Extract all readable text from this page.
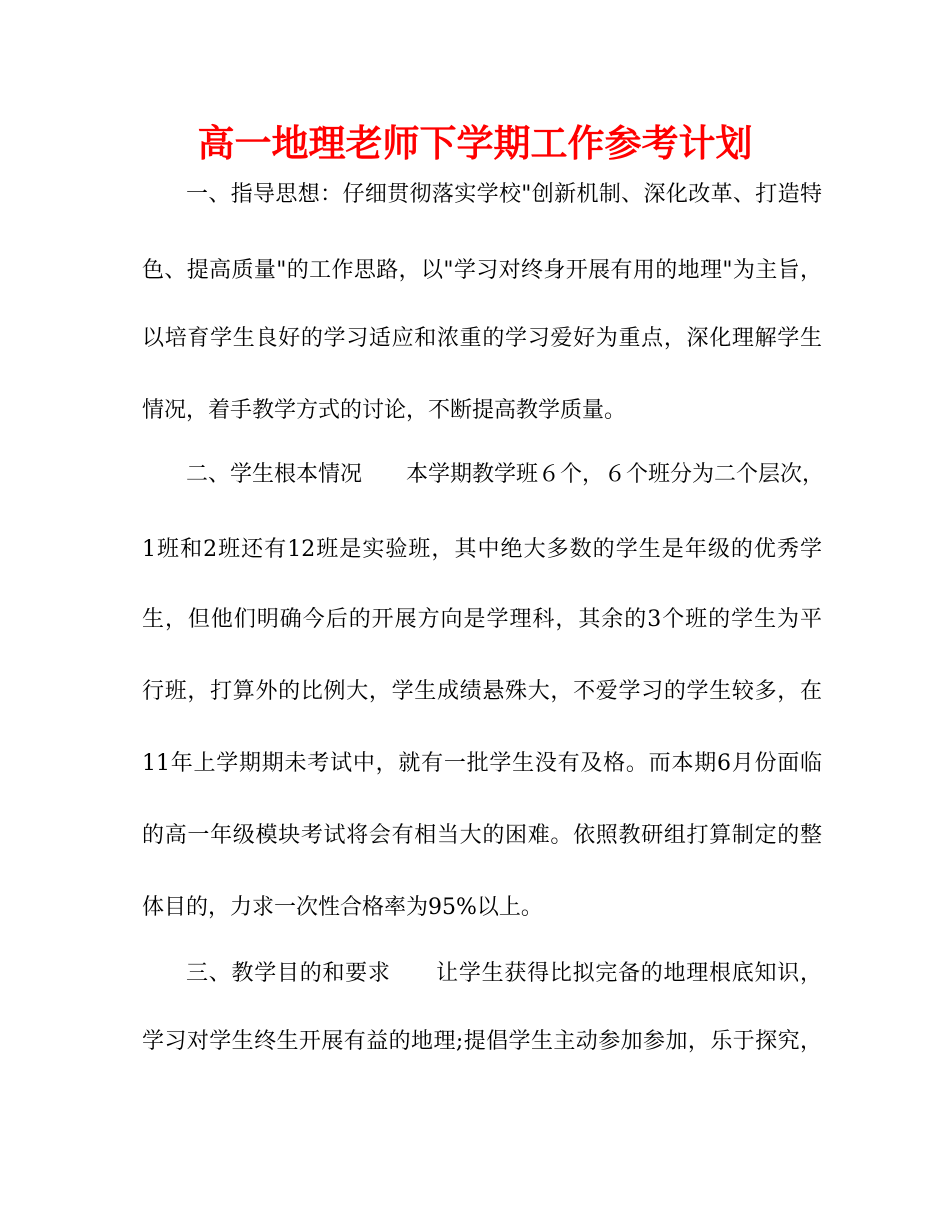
高一地理老师下学期工作参考计划
一、指导思想：仔细贯彻落实学校"创新机制、深化改革、打造特
色、提高质量"的工作思路，以"学习对终身开展有用的地理"为主旨，
以培育学生良好的学习适应和浓重的学习爱好为重点，深化理解学生
情况，着手教学方式的讨论，不断提高教学质量。
二、学生根本情况　　本学期教学班６个，６个班分为二个层次，
1班和2班还有12班是实验班，其中绝大多数的学生是年级的优秀学
生，但他们明确今后的开展方向是学理科，其余的3个班的学生为平
行班，打算外的比例大，学生成绩悬殊大，不爱学习的学生较多，在
11年上学期期未考试中，就有一批学生没有及格。而本期6月份面临
的高一年级模块考试将会有相当大的困难。依照教研组打算制定的整
体目的，力求一次性合格率为95%以上。
三、教学目的和要求　　让学生获得比拟完备的地理根底知识，
学习对学生终生开展有益的地理;提倡学生主动参加参加，乐于探究，
